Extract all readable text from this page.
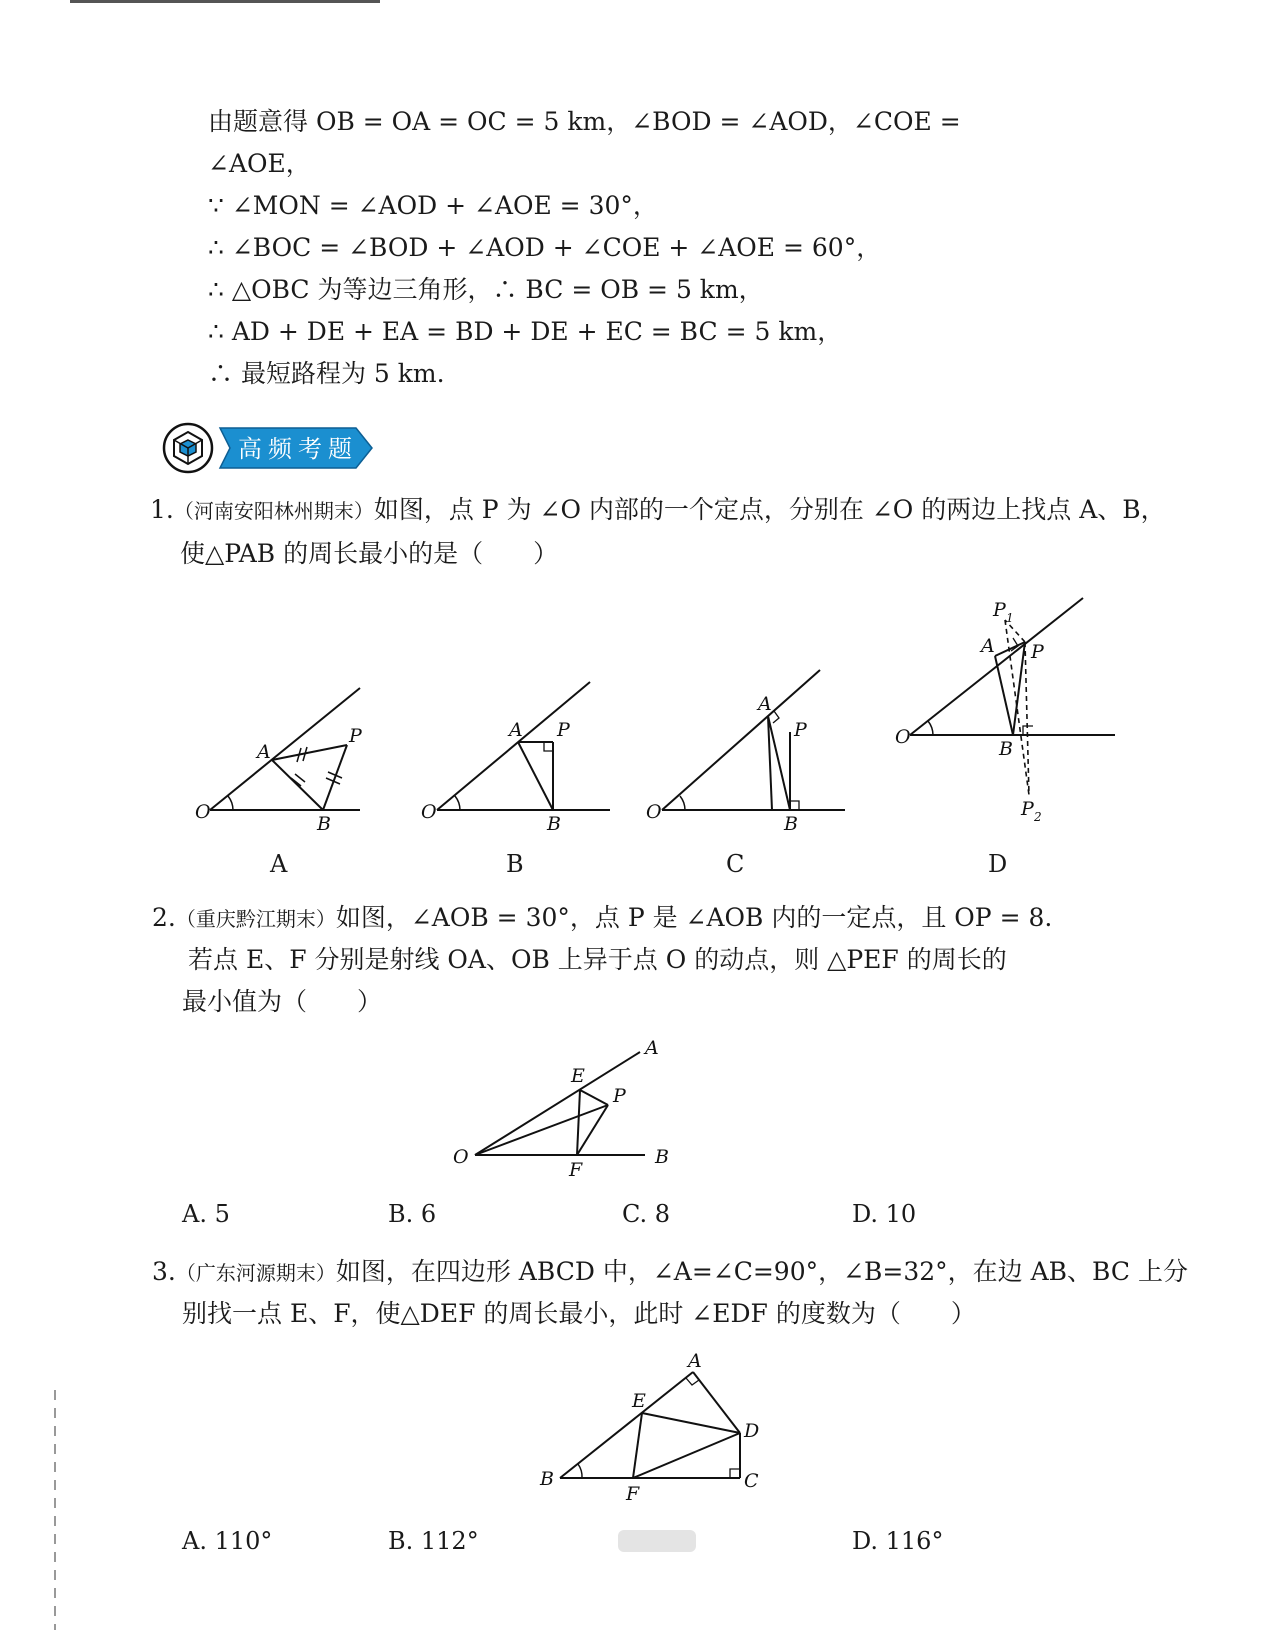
由题意得 OB = OA = OC = 5 km，∠BOD = ∠AOD，∠COE =
∠AOE，
∵ ∠MON = ∠AOD + ∠AOE = 30°，
∴ ∠BOC = ∠BOD + ∠AOD + ∠COE + ∠AOE = 60°，
∴ △OBC 为等边三角形，∴ BC = OB = 5 km，
∴ AD + DE + EA = BD + DE + EC = BC = 5 km，
∴ 最短路程为 5 km.
高频考题
1.（河南安阳林州期末）如图，点 P 为 ∠O 内部的一个定点，分别在 ∠O 的两边上找点 A、B，
使△PAB 的周长最小的是（　　）
O
A
B
P
O
A
B
P
O
A
B
P	O
A
B
P
P 1
P 2
A	B	C	D
2.（重庆黔江期末）如图，∠AOB = 30°，点 P 是 ∠AOB 内的一定点，且 OP = 8.
若点 E、F 分别是射线 OA、OB 上异于点 O 的动点，则 △PEF 的周长的
最小值为（　　）
O
A
B
E
F
P
A. 5	B. 6	C. 8	D. 10
3.（广东河源期末）如图，在四边形 ABCD 中，∠A=∠C=90°，∠B=32°，在边 AB、BC 上分
别找一点 E、F，使△DEF 的周长最小，此时 ∠EDF 的度数为（　　）
B
A
D
C
E
F
A. 110°	B. 112°	D. 116°
